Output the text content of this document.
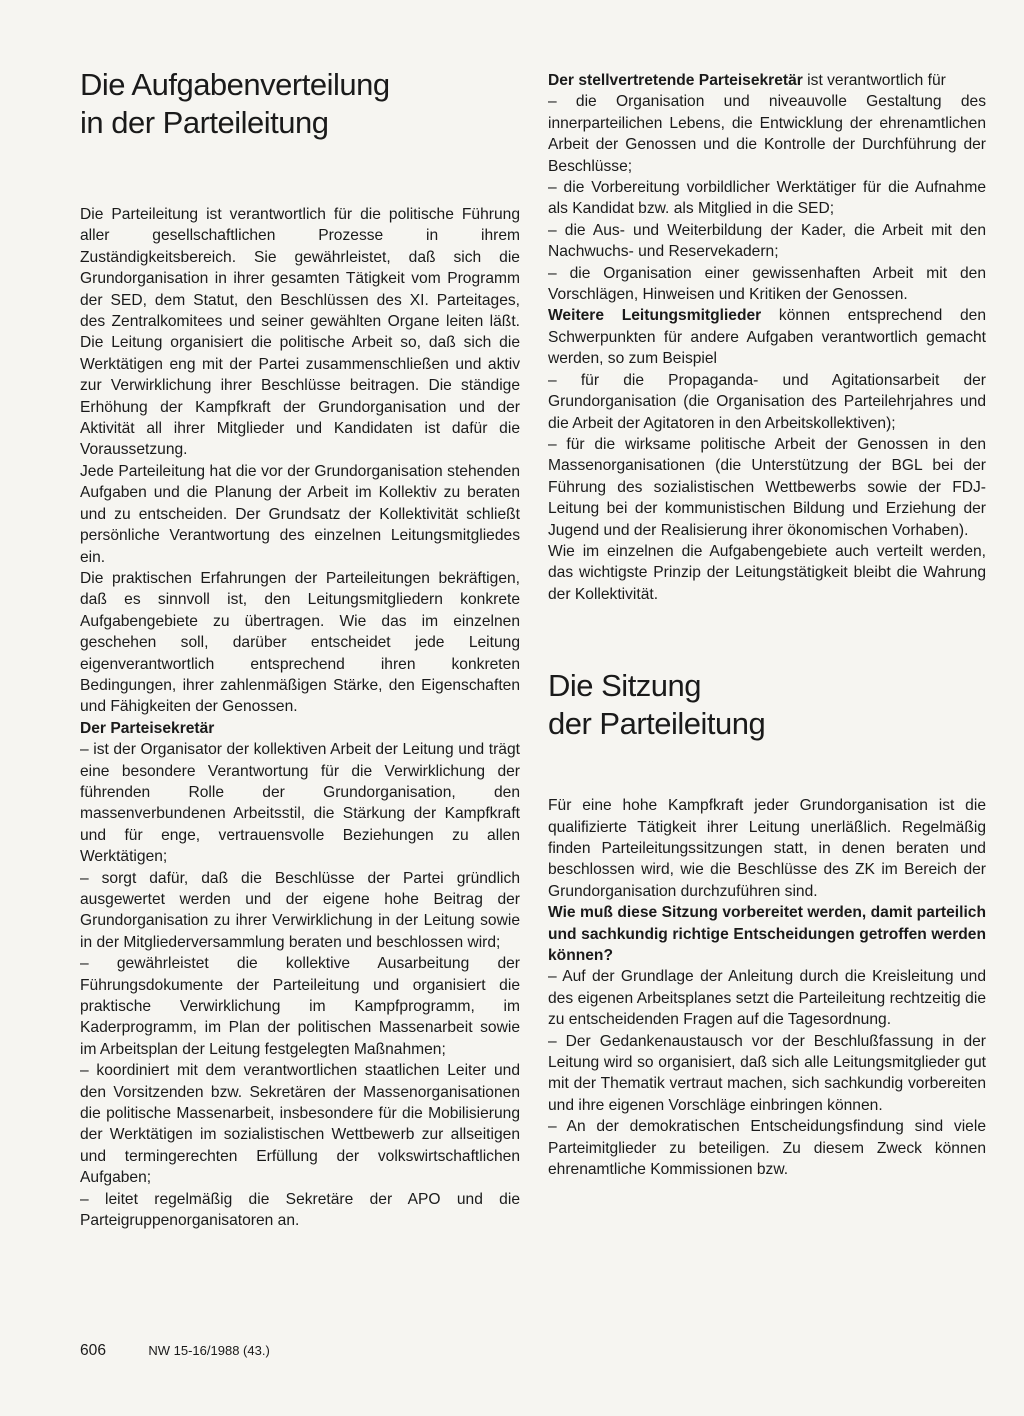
Die Aufgabenverteilung
in der Parteileitung

Die Parteileitung ist verantwortlich für die politische Führung aller gesellschaftlichen Prozesse in ihrem Zuständigkeitsbereich. Sie gewährleistet, daß sich die Grundorganisation in ihrer gesamten Tätigkeit vom Programm der SED, dem Statut, den Beschlüssen des XI. Parteitages, des Zentralkomitees und seiner gewählten Organe leiten läßt. Die Leitung organisiert die politische Arbeit so, daß sich die Werktätigen eng mit der Partei zusammenschließen und aktiv zur Verwirklichung ihrer Beschlüsse beitragen. Die ständige Erhöhung der Kampfkraft der Grundorganisation und der Aktivität all ihrer Mitglieder und Kandidaten ist dafür die Voraussetzung.

Jede Parteileitung hat die vor der Grundorganisation stehenden Aufgaben und die Planung der Arbeit im Kollektiv zu beraten und zu entscheiden. Der Grundsatz der Kollektivität schließt persönliche Verantwortung des einzelnen Leitungsmitgliedes ein.

Die praktischen Erfahrungen der Parteileitungen bekräftigen, daß es sinnvoll ist, den Leitungsmitgliedern konkrete Aufgabengebiete zu übertragen. Wie das im einzelnen geschehen soll, darüber entscheidet jede Leitung eigenverantwortlich entsprechend ihren konkreten Bedingungen, ihrer zahlenmäßigen Stärke, den Eigenschaften und Fähigkeiten der Genossen.

Der Parteisekretär

– ist der Organisator der kollektiven Arbeit der Leitung und trägt eine besondere Verantwortung für die Verwirklichung der führenden Rolle der Grundorganisation, den massenverbundenen Arbeitsstil, die Stärkung der Kampfkraft und für enge, vertrauensvolle Beziehungen zu allen Werktätigen;

– sorgt dafür, daß die Beschlüsse der Partei gründlich ausgewertet werden und der eigene hohe Beitrag der Grundorganisation zu ihrer Verwirklichung in der Leitung sowie in der Mitgliederversammlung beraten und beschlossen wird;

– gewährleistet die kollektive Ausarbeitung der Führungsdokumente der Parteileitung und organisiert die praktische Verwirklichung im Kampfprogramm, im Kaderprogramm, im Plan der politischen Massenarbeit sowie im Arbeitsplan der Leitung festgelegten Maßnahmen;

– koordiniert mit dem verantwortlichen staatlichen Leiter und den Vorsitzenden bzw. Sekretären der Massenorganisationen die politische Massenarbeit, insbesondere für die Mobilisierung der Werktätigen im sozialistischen Wettbewerb zur allseitigen und termingerechten Erfüllung der volkswirtschaftlichen Aufgaben;

– leitet regelmäßig die Sekretäre der APO und die Parteigruppenorganisatoren an.

Der stellvertretende Parteisekretär ist verantwortlich für

– die Organisation und niveauvolle Gestaltung des innerparteilichen Lebens, die Entwicklung der ehrenamtlichen Arbeit der Genossen und die Kontrolle der Durchführung der Beschlüsse;

– die Vorbereitung vorbildlicher Werktätiger für die Aufnahme als Kandidat bzw. als Mitglied in die SED;

– die Aus- und Weiterbildung der Kader, die Arbeit mit den Nachwuchs- und Reservekadern;

– die Organisation einer gewissenhaften Arbeit mit den Vorschlägen, Hinweisen und Kritiken der Genossen.

Weitere Leitungsmitglieder können entsprechend den Schwerpunkten für andere Aufgaben verantwortlich gemacht werden, so zum Beispiel

– für die Propaganda- und Agitationsarbeit der Grundorganisation (die Organisation des Parteilehrjahres und die Arbeit der Agitatoren in den Arbeitskollektiven);

– für die wirksame politische Arbeit der Genossen in den Massenorganisationen (die Unterstützung der BGL bei der Führung des sozialistischen Wettbewerbs sowie der FDJ-Leitung bei der kommunistischen Bildung und Erziehung der Jugend und der Realisierung ihrer ökonomischen Vorhaben).

Wie im einzelnen die Aufgabengebiete auch verteilt werden, das wichtigste Prinzip der Leitungstätigkeit bleibt die Wahrung der Kollektivität.

Die Sitzung
der Parteileitung

Für eine hohe Kampfkraft jeder Grundorganisation ist die qualifizierte Tätigkeit ihrer Leitung unerläßlich. Regelmäßig finden Parteileitungssitzungen statt, in denen beraten und beschlossen wird, wie die Beschlüsse des ZK im Bereich der Grundorganisation durchzuführen sind.

Wie muß diese Sitzung vorbereitet werden, damit parteilich und sachkundig richtige Entscheidungen getroffen werden können?

– Auf der Grundlage der Anleitung durch die Kreisleitung und des eigenen Arbeitsplanes setzt die Parteileitung rechtzeitig die zu entscheidenden Fragen auf die Tagesordnung.

– Der Gedankenaustausch vor der Beschlußfassung in der Leitung wird so organisiert, daß sich alle Leitungsmitglieder gut mit der Thematik vertraut machen, sich sachkundig vorbereiten und ihre eigenen Vorschläge einbringen können.

– An der demokratischen Entscheidungsfindung sind viele Parteimitglieder zu beteiligen. Zu diesem Zweck können ehrenamtliche Kommissionen bzw.

606	NW 15-16/1988 (43.)
